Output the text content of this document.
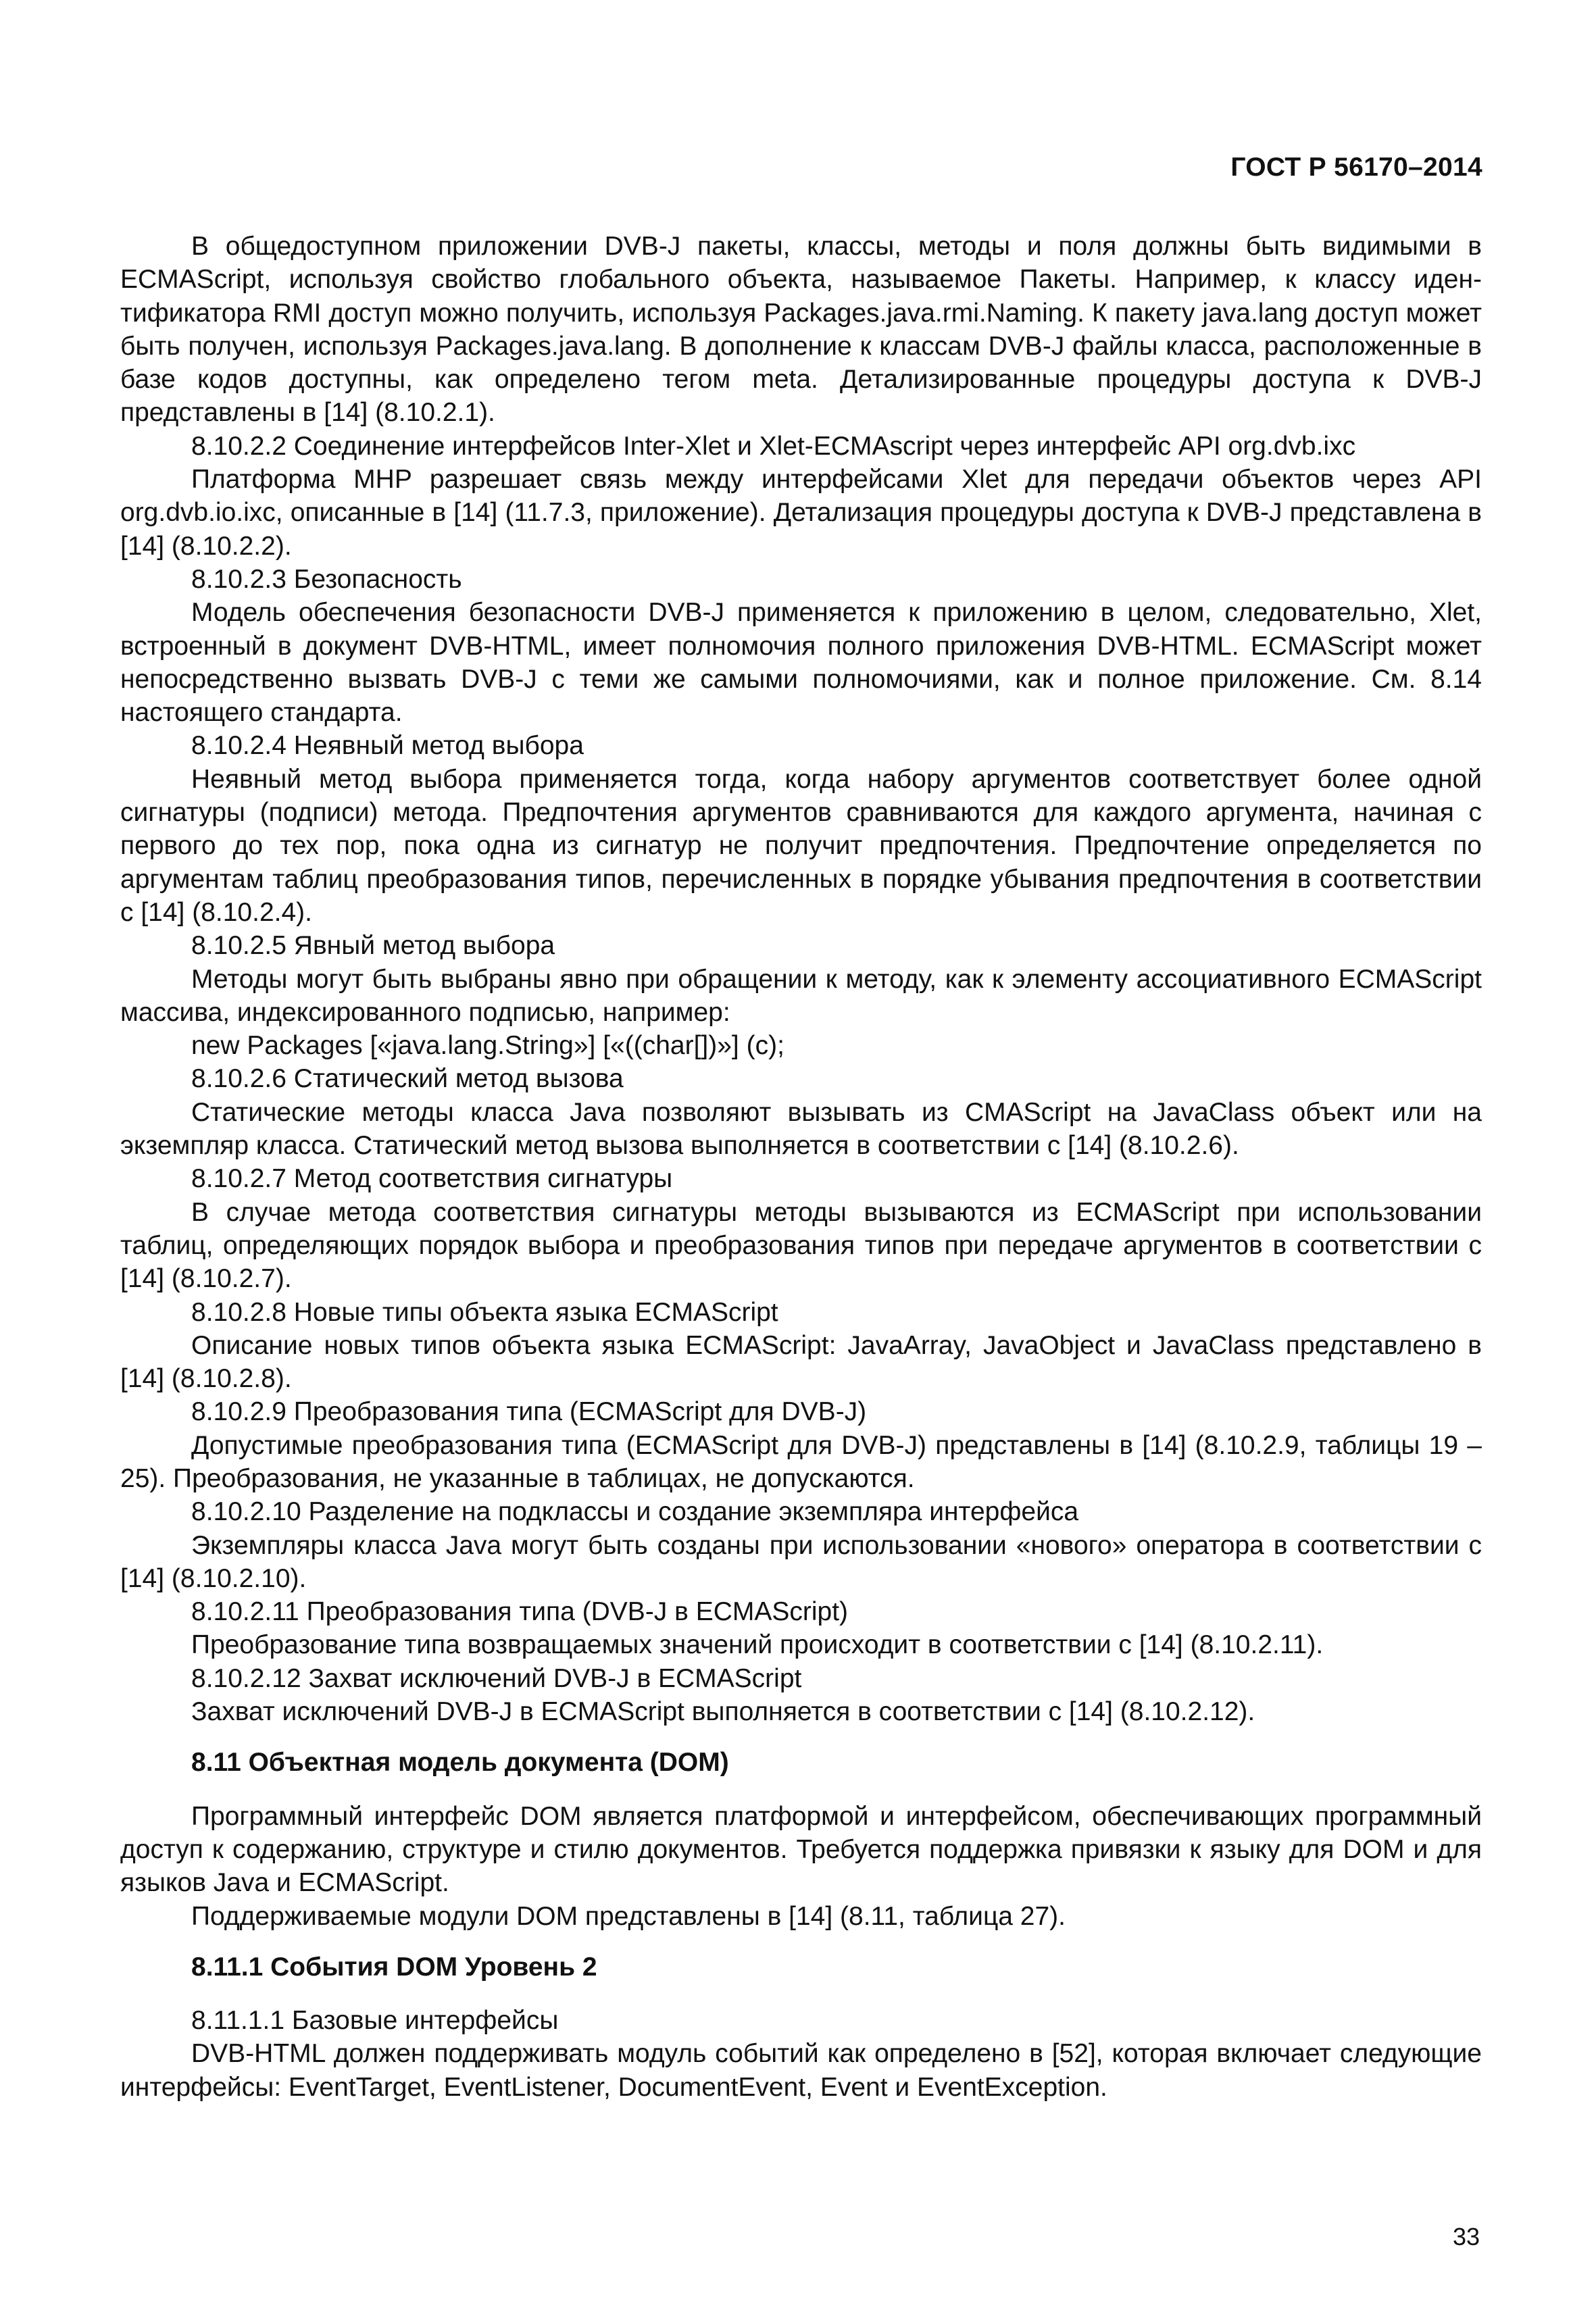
ГОСТ Р 56170–2014

В общедоступном приложении DVB-J пакеты, классы, методы и поля должны быть видимыми в ECMAScript, используя свойство глобального объекта, называемое Пакеты. Например, к классу идентификатора RMI доступ можно получить, используя Packages.java.rmi.Naming. К пакету java.lang доступ может быть получен, используя Packages.java.lang. В дополнение к классам DVB-J файлы класса, расположенные в базе кодов доступны, как определено тегом meta. Детализированные процедуры доступа к DVB-J представлены в [14] (8.10.2.1).

8.10.2.2 Соединение интерфейсов Inter-Xlet и Xlet-ECMAscript через интерфейс API org.dvb.ixc

Платформа MHP разрешает связь между интерфейсами Xlet для передачи объектов через API org.dvb.io.ixc, описанные в [14] (11.7.3, приложение). Детализация процедуры доступа к DVB-J представлена в [14] (8.10.2.2).

8.10.2.3 Безопасность

Модель обеспечения безопасности DVB-J применяется к приложению в целом, следовательно, Xlet, встроенный в документ DVB-HTML, имеет полномочия полного приложения DVB-HTML. ECMAScript может непосредственно вызвать DVB-J с теми же самыми полномочиями, как и полное приложение. См. 8.14 настоящего стандарта.

8.10.2.4 Неявный метод выбора

Неявный метод выбора применяется тогда, когда набору аргументов соответствует более одной сигнатуры (подписи) метода. Предпочтения аргументов сравниваются для каждого аргумента, начиная с первого до тех пор, пока одна из сигнатур не получит предпочтения. Предпочтение определяется по аргументам таблиц преобразования типов, перечисленных в порядке убывания предпочтения в соответствии с [14] (8.10.2.4).

8.10.2.5 Явный метод выбора

Методы могут быть выбраны явно при обращении к методу, как к элементу ассоциативного ECMAScript массива, индексированного подписью, например:

new Packages [«java.lang.String»] [«((char[])»] (c);

8.10.2.6 Статический метод вызова

Статические методы класса Java позволяют вызывать из CMAScript на JavaClass объект или на экземпляр класса. Статический метод вызова выполняется в соответствии с [14] (8.10.2.6).

8.10.2.7 Метод соответствия сигнатуры

В случае метода соответствия сигнатуры методы вызываются из ECMAScript при использовании таблиц, определяющих порядок выбора и преобразования типов при передаче аргументов в соответствии с [14] (8.10.2.7).

8.10.2.8 Новые типы объекта языка ECMAScript

Описание новых типов объекта языка ECMAScript: JavaArray, JavaObject и JavaClass представлено в [14] (8.10.2.8).

8.10.2.9 Преобразования типа (ECMAScript для DVB-J)

Допустимые преобразования типа (ECMAScript для DVB-J) представлены в [14] (8.10.2.9, таблицы 19 – 25). Преобразования, не указанные в таблицах, не допускаются.

8.10.2.10 Разделение на подклассы и создание экземпляра интерфейса

Экземпляры класса Java могут быть созданы при использовании «нового» оператора в соответствии с [14] (8.10.2.10).

8.10.2.11 Преобразования типа (DVB-J в ECMAScript)

Преобразование типа возвращаемых значений происходит в соответствии с [14] (8.10.2.11).

8.10.2.12 Захват исключений DVB-J в ECMAScript

Захват исключений DVB-J в ECMAScript выполняется в соответствии с [14] (8.10.2.12).

8.11 Объектная модель документа (DOM)

Программный интерфейс DOM является платформой и интерфейсом, обеспечивающих программный доступ к содержанию, структуре и стилю документов. Требуется поддержка привязки к языку для DOM и для языков Java и ECMAScript.

Поддерживаемые модули DOM представлены в [14] (8.11, таблица 27).

8.11.1 События DOM Уровень 2

8.11.1.1 Базовые интерфейсы

DVB-HTML должен поддерживать модуль событий как определено в [52], которая включает следующие интерфейсы: EventTarget, EventListener, DocumentEvent, Event и EventException.

33
